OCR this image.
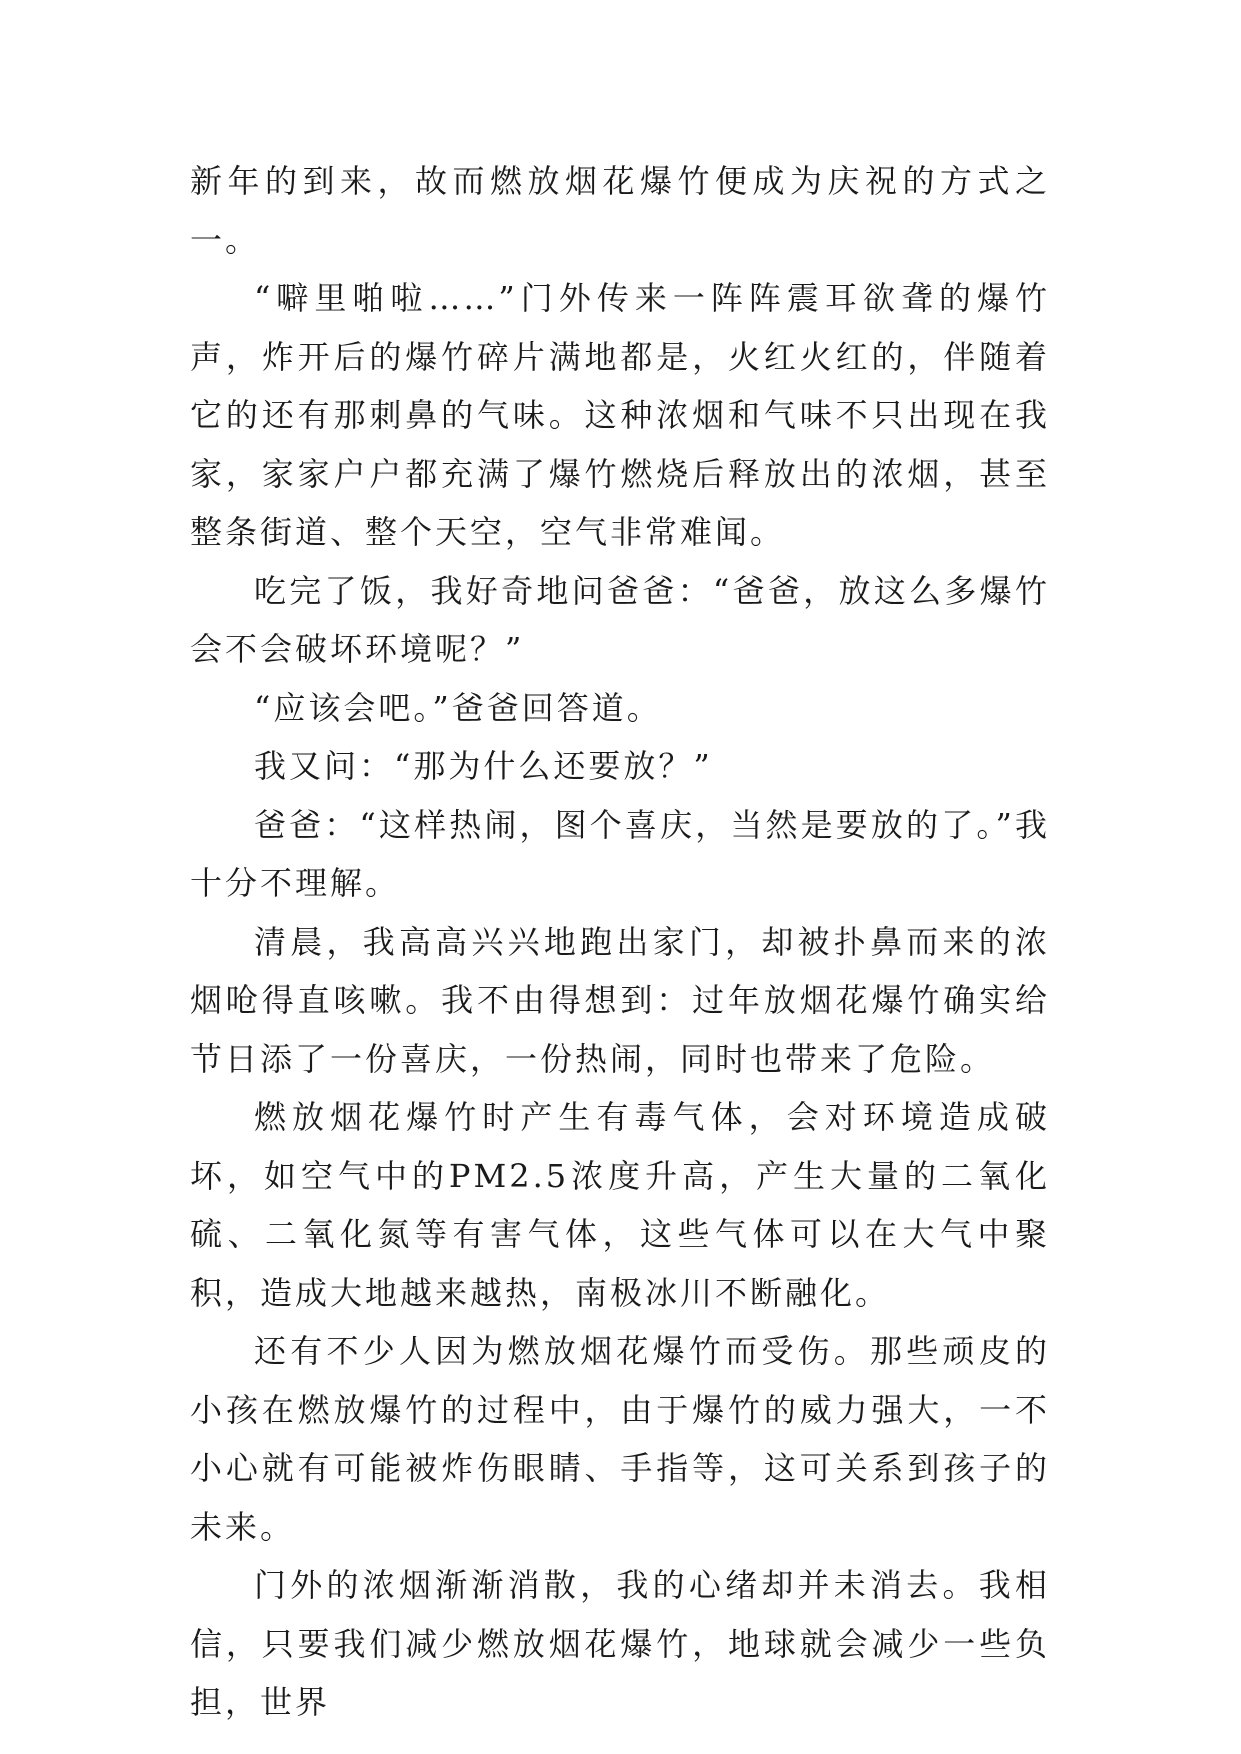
新年的到来，故而燃放烟花爆竹便成为庆祝的方式之一。

“噼里啪啦……”门外传来一阵阵震耳欲聋的爆竹声，炸开后的爆竹碎片满地都是，火红火红的，伴随着它的还有那刺鼻的气味。这种浓烟和气味不只出现在我家，家家户户都充满了爆竹燃烧后释放出的浓烟，甚至整条街道、整个天空，空气非常难闻。

吃完了饭，我好奇地问爸爸：“爸爸，放这么多爆竹会不会破坏环境呢？”

“应该会吧。”爸爸回答道。

我又问：“那为什么还要放？”

爸爸：“这样热闹，图个喜庆，当然是要放的了。”我十分不理解。

清晨，我高高兴兴地跑出家门，却被扑鼻而来的浓烟呛得直咳嗽。我不由得想到：过年放烟花爆竹确实给节日添了一份喜庆，一份热闹，同时也带来了危险。

燃放烟花爆竹时产生有毒气体，会对环境造成破坏，如空气中的PM2.5浓度升高，产生大量的二氧化硫、二氧化氮等有害气体，这些气体可以在大气中聚积，造成大地越来越热，南极冰川不断融化。

还有不少人因为燃放烟花爆竹而受伤。那些顽皮的小孩在燃放爆竹的过程中，由于爆竹的威力强大，一不小心就有可能被炸伤眼睛、手指等，这可关系到孩子的未来。

门外的浓烟渐渐消散，我的心绪却并未消去。我相信，只要我们减少燃放烟花爆竹，地球就会减少一些负担，世界
